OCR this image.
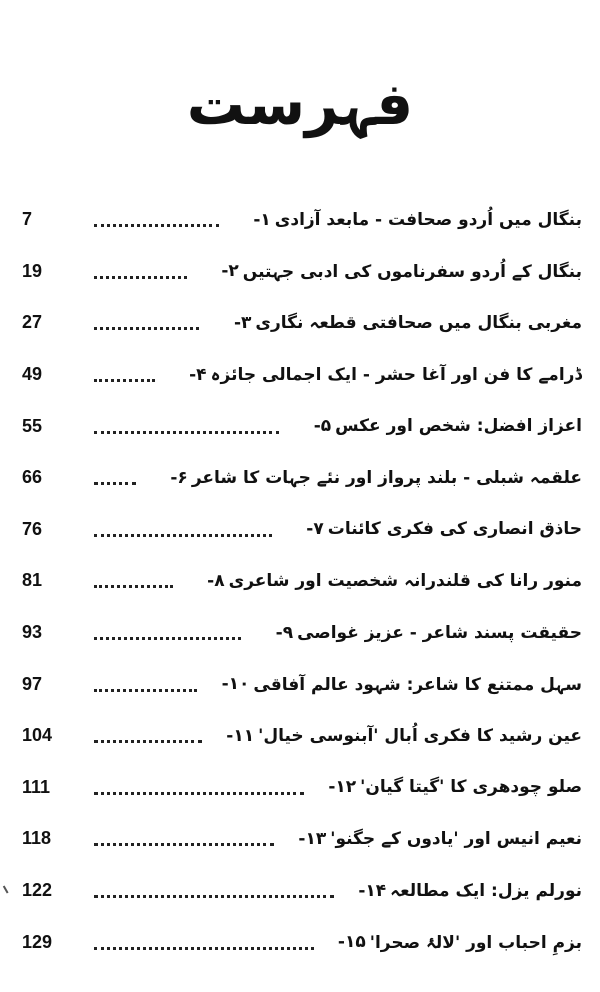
فہرست
7	۱- بنگال میں اُردو صحافت - مابعد آزادی
19	۲- بنگال کے اُردو سفرناموں کی ادبی جہتیں
27	۳- مغربی بنگال میں صحافتی قطعہ نگاری
49	۴- ڈرامے کا فن اور آغا حشر - ایک اجمالی جائزہ
55	۵- اعزاز افضل: شخص اور عکس
66	۶- علقمہ شبلی - بلند پرواز اور نئے جہات کا شاعر
76	۷- حاذق انصاری کی فکری کائنات
81	۸- منور رانا کی قلندرانہ شخصیت اور شاعری
93	۹- حقیقت پسند شاعر - عزیز غواصی
97	۱۰- سہل ممتنع کا شاعر: شہود عالم آفاقی
104	۱۱- عین رشید کا فکری اُبال 'آبنوسی خیال'
111	۱۲- صلو چودھری کا 'گیتا گیان'
118	۱۳- نعیم انیس اور 'یادوں کے جگنو'
122	۱۴- نورلم یزل: ایک مطالعہ
129	۱۵- بزمِ احباب اور 'لالۂ صحرا'
